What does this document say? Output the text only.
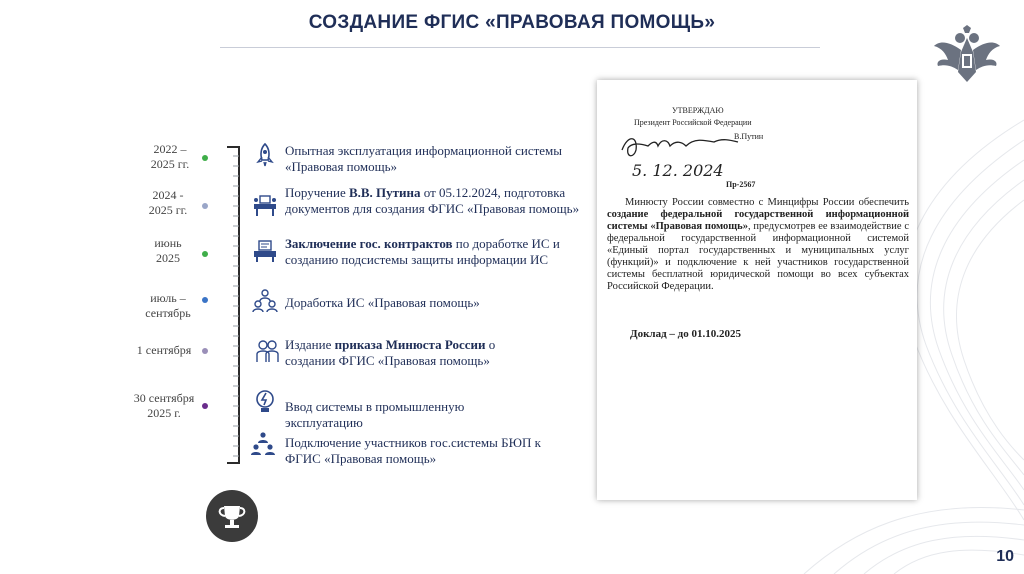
СОЗДАНИЕ ФГИС «ПРАВОВАЯ ПОМОЩЬ»
2022 –
2025 гг.
2024 -
2025 гг.
июнь
2025
июль –
сентябрь
1 сентября
30 сентября
2025 г.
Опытная эксплуатация информационной системы «Правовая помощь»
Поручение В.В. Путина от 05.12.2024, подготовка документов для создания ФГИС «Правовая помощь»
Заключение гос. контрактов по доработке ИС и созданию подсистемы защиты информации ИС
Доработка ИС «Правовая помощь»
Издание приказа Минюста России о создании ФГИС «Правовая помощь»
Ввод системы в промышленную эксплуатацию
Подключение участников гос.системы БЮП к ФГИС «Правовая помощь»
УТВЕРЖДАЮ
Президент Российской Федерации
В.Путин
5. 12. 2024
Пр-2567
Минюсту России совместно с Минцифры России обеспечить создание федеральной государственной информационной системы «Правовая помощь», предусмотрев ее взаимодействие с федеральной государственной информационной системой «Единый портал государственных и муниципальных услуг (функций)» и подключение к ней участников государственной системы бесплатной юридической помощи во всех субъектах Российской Федерации.
Доклад – до 01.10.2025
10
